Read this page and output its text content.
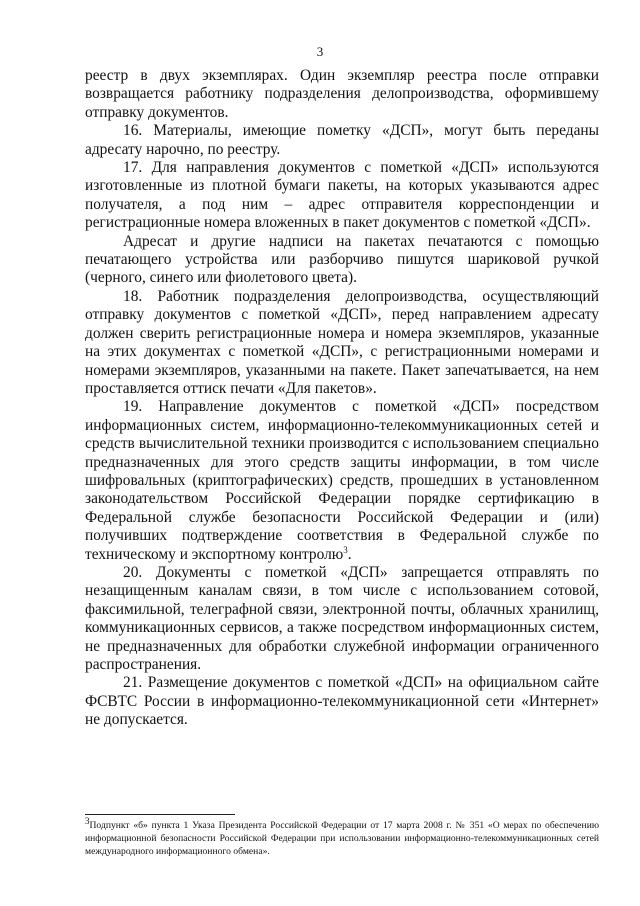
3

реестр в двух экземплярах. Один экземпляр реестра после отправки возвращается работнику подразделения делопроизводства, оформившему отправку документов.

16. Материалы, имеющие пометку «ДСП», могут быть переданы адресату нарочно, по реестру.

17. Для направления документов с пометкой «ДСП» используются изготовленные из плотной бумаги пакеты, на которых указываются адрес получателя, а под ним – адрес отправителя корреспонденции и регистрационные номера вложенных в пакет документов с пометкой «ДСП».

Адресат и другие надписи на пакетах печатаются с помощью печатающего устройства или разборчиво пишутся шариковой ручкой (черного, синего или фиолетового цвета).

18. Работник подразделения делопроизводства, осуществляющий отправку документов с пометкой «ДСП», перед направлением адресату должен сверить регистрационные номера и номера экземпляров, указанные на этих документах с пометкой «ДСП», с регистрационными номерами и номерами экземпляров, указанными на пакете. Пакет запечатывается, на нем проставляется оттиск печати «Для пакетов».

19. Направление документов с пометкой «ДСП» посредством информационных систем, информационно-телекоммуникационных сетей и средств вычислительной техники производится с использованием специально предназначенных для этого средств защиты информации, в том числе шифровальных (криптографических) средств, прошедших в установленном законодательством Российской Федерации порядке сертификацию в Федеральной службе безопасности Российской Федерации и (или) получивших подтверждение соответствия в Федеральной службе по техническому и экспортному контролю$^3$.

20. Документы с пометкой «ДСП» запрещается отправлять по незащищенным каналам связи, в том числе с использованием сотовой, факсимильной, телеграфной связи, электронной почты, облачных хранилищ, коммуникационных сервисов, а также посредством информационных систем, не предназначенных для обработки служебной информации ограниченного распространения.

21. Размещение документов с пометкой «ДСП» на официальном сайте ФСВТС России в информационно-телекоммуникационной сети «Интернет» не допускается.

$^3$Подпункт «б» пункта 1 Указа Президента Российской Федерации от 17 марта 2008 г. № 351 «О мерах по обеспечению информационной безопасности Российской Федерации при использовании информационно-телекоммуникационных сетей международного информационного обмена».
